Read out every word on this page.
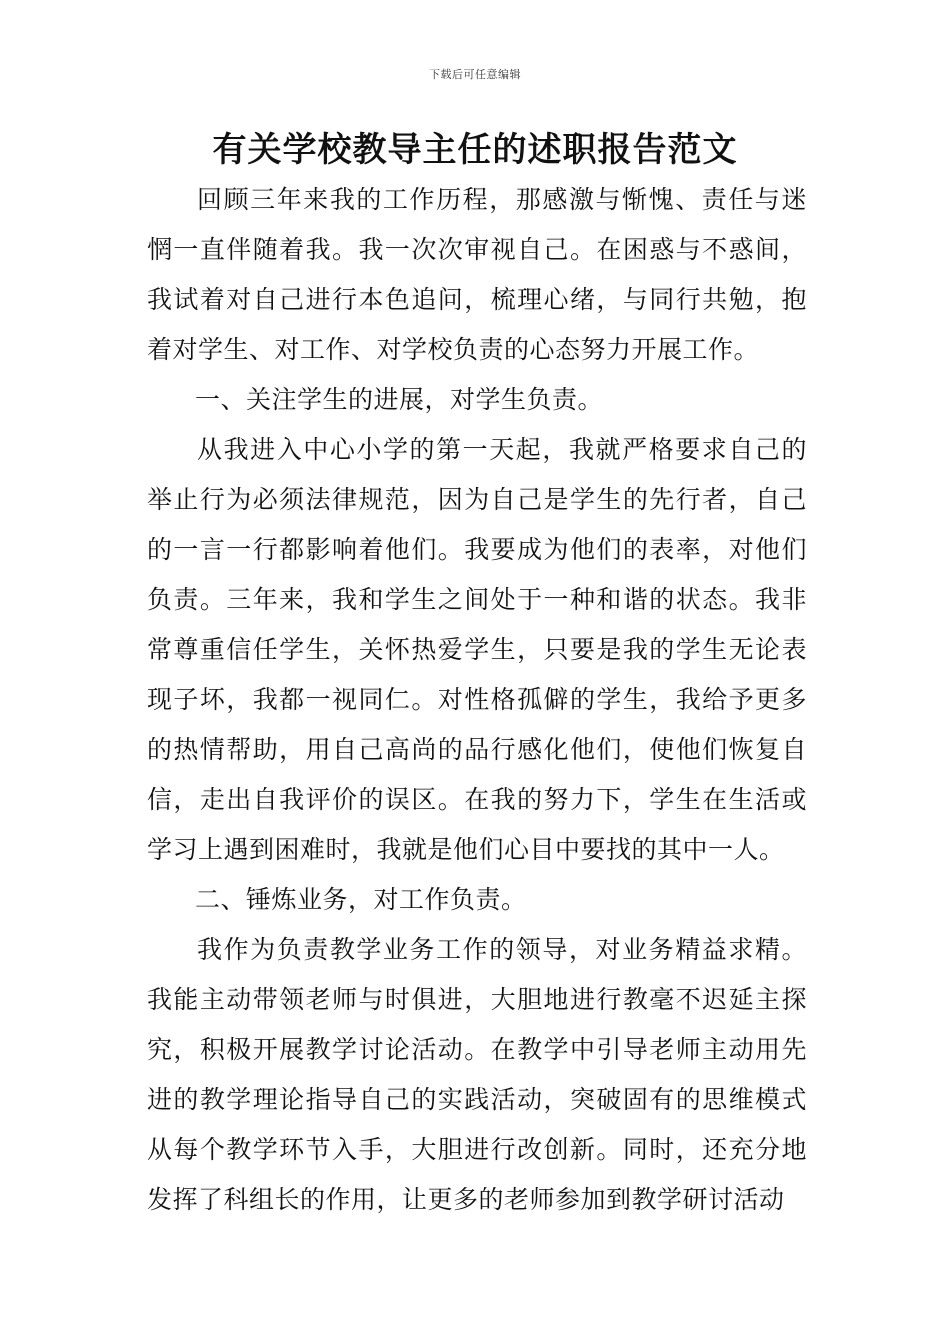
下载后可任意编辑
有关学校教导主任的述职报告范文

回顾三年来我的工作历程，那感激与惭愧、责任与迷惘一直伴随着我。我一次次审视自己。在困惑与不惑间，我试着对自己进行本色追问，梳理心绪，与同行共勉，抱着对学生、对工作、对学校负责的心态努力开展工作。

一、关注学生的进展，对学生负责。

从我进入中心小学的第一天起，我就严格要求自己的举止行为必须法律规范，因为自己是学生的先行者，自己的一言一行都影响着他们。我要成为他们的表率，对他们负责。三年来，我和学生之间处于一种和谐的状态。我非常尊重信任学生，关怀热爱学生，只要是我的学生无论表现子坏，我都一视同仁。对性格孤僻的学生，我给予更多的热情帮助，用自己高尚的品行感化他们，使他们恢复自信，走出自我评价的误区。在我的努力下，学生在生活或学习上遇到困难时，我就是他们心目中要找的其中一人。

二、锤炼业务，对工作负责。

我作为负责教学业务工作的领导，对业务精益求精。我能主动带领老师与时俱进，大胆地进行教毫不迟延主探究，积极开展教学讨论活动。在教学中引导老师主动用先进的教学理论指导自己的实践活动，突破固有的思维模式从每个教学环节入手，大胆进行改创新。同时，还充分地发挥了科组长的作用，让更多的老师参加到教学研讨活动
